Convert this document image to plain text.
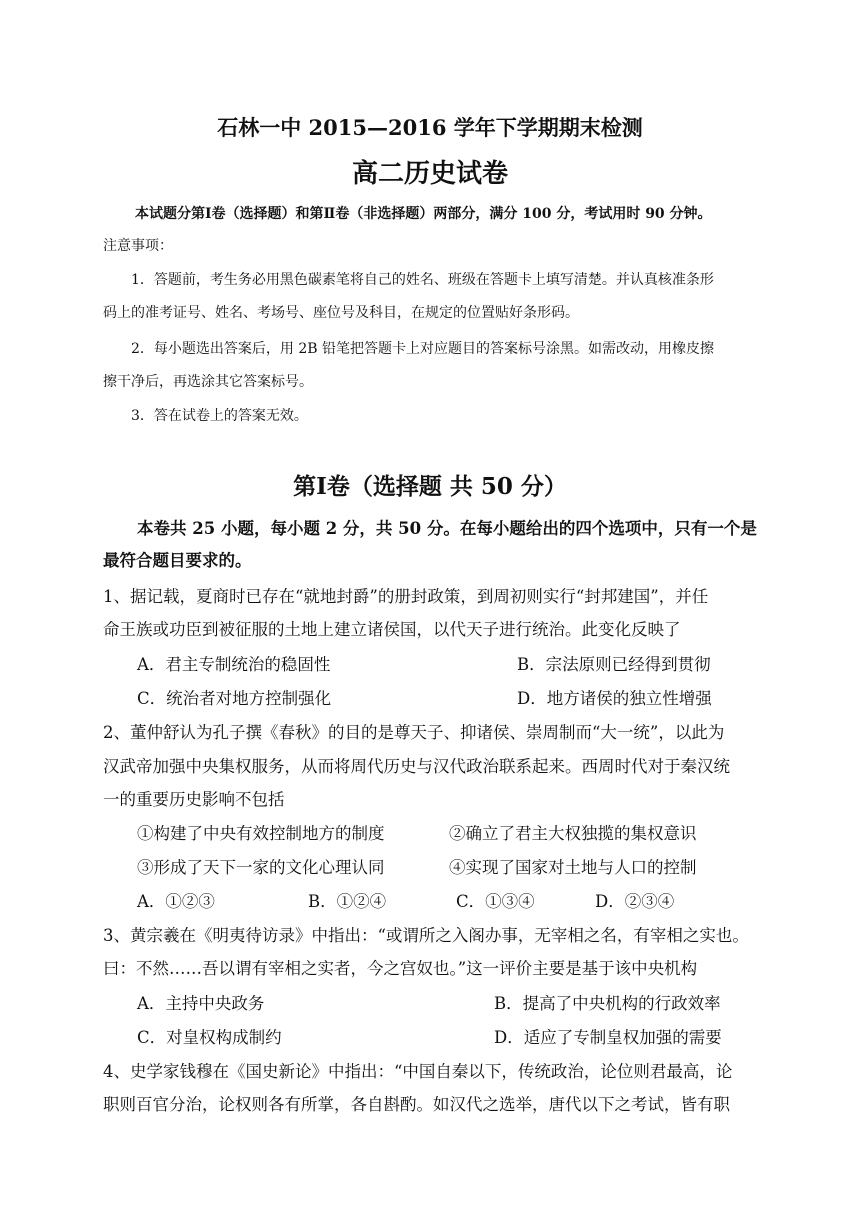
石林一中 2015—2016 学年下学期期末检测
高二历史试卷
本试题分第Ⅰ卷（选择题）和第Ⅱ卷（非选择题）两部分，满分 100 分，考试用时 90 分钟。
注意事项：
1．答题前，考生务必用黑色碳素笔将自己的姓名、班级在答题卡上填写清楚。并认真核准条形
码上的准考证号、姓名、考场号、座位号及科目，在规定的位置贴好条形码。
2．每小题选出答案后，用 2B 铅笔把答题卡上对应题目的答案标号涂黑。如需改动，用橡皮擦
擦干净后，再选涂其它答案标号。
3．答在试卷上的答案无效。
第Ⅰ卷（选择题 共 50 分）
本卷共 25 小题，每小题 2 分，共 50 分。在每小题给出的四个选项中，只有一个是
最符合题目要求的。
1、据记载，夏商时已存在“就地封爵”的册封政策，到周初则实行“封邦建国”，并任
命王族或功臣到被征服的土地上建立诸侯国，以代天子进行统治。此变化反映了
A．君主专制统治的稳固性	B．宗法原则已经得到贯彻
C．统治者对地方控制强化	D．地方诸侯的独立性增强
2、董仲舒认为孔子撰《春秋》的目的是尊天子、抑诸侯、崇周制而“大一统”，以此为
汉武帝加强中央集权服务，从而将周代历史与汉代政治联系起来。西周时代对于秦汉统
一的重要历史影响不包括
①构建了中央有效控制地方的制度	②确立了君主大权独揽的集权意识
③形成了天下一家的文化心理认同	④实现了国家对土地与人口的控制
A．①②③	B．①②④	C．①③④	D．②③④
3、黄宗羲在《明夷待访录》中指出：“或谓所之入阁办事，无宰相之名，有宰相之实也。
曰：不然……吾以谓有宰相之实者，今之宫奴也。”这一评价主要是基于该中央机构
A．主持中央政务	B．提高了中央机构的行政效率
C．对皇权构成制约	D．适应了专制皇权加强的需要
4、史学家钱穆在《国史新论》中指出：“中国自秦以下，传统政治，论位则君最高，论
职则百官分治，论权则各有所掌，各自斟酌。如汉代之选举，唐代以下之考试，皆有职
